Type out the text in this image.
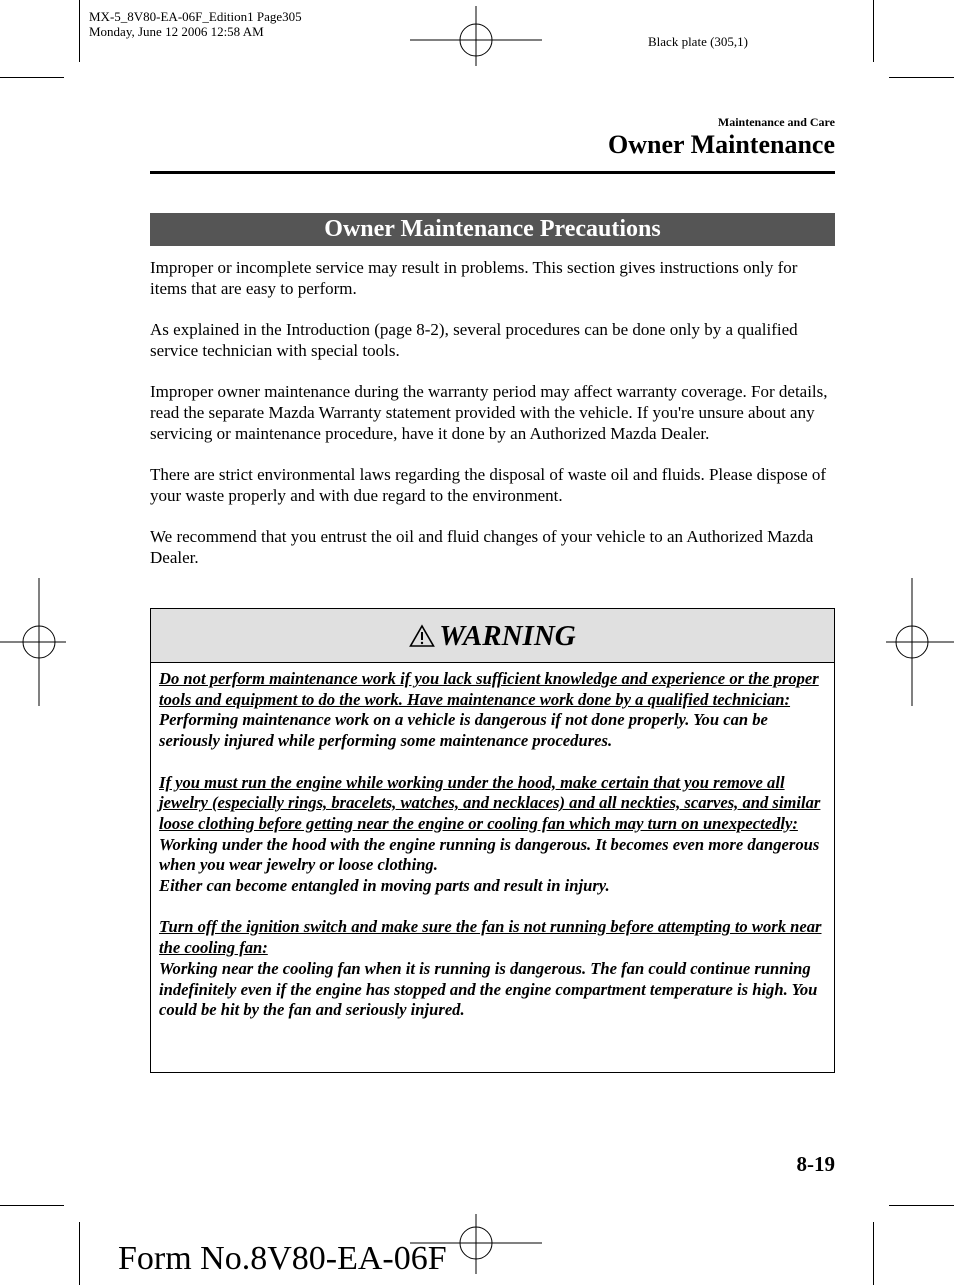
MX-5_8V80-EA-06F_Edition1 Page305
Monday, June 12 2006 12:58 AM
Black plate (305,1)
Maintenance and Care
Owner Maintenance
Owner Maintenance Precautions

Improper or incomplete service may result in problems. This section gives instructions only for items that are easy to perform.

As explained in the Introduction (page 8-2), several procedures can be done only by a qualified service technician with special tools.

Improper owner maintenance during the warranty period may affect warranty coverage. For details, read the separate Mazda Warranty statement provided with the vehicle. If you're unsure about any servicing or maintenance procedure, have it done by an Authorized Mazda Dealer.

There are strict environmental laws regarding the disposal of waste oil and fluids. Please dispose of your waste properly and with due regard to the environment.

We recommend that you entrust the oil and fluid changes of your vehicle to an Authorized Mazda Dealer.

WARNING
Do not perform maintenance work if you lack sufficient knowledge and experience or the proper tools and equipment to do the work. Have maintenance work done by a qualified technician:
Performing maintenance work on a vehicle is dangerous if not done properly. You can be seriously injured while performing some maintenance procedures.
If you must run the engine while working under the hood, make certain that you remove all jewelry (especially rings, bracelets, watches, and necklaces) and all neckties, scarves, and similar loose clothing before getting near the engine or cooling fan which may turn on unexpectedly:
Working under the hood with the engine running is dangerous. It becomes even more dangerous when you wear jewelry or loose clothing.
Either can become entangled in moving parts and result in injury.
Turn off the ignition switch and make sure the fan is not running before attempting to work near the cooling fan:
Working near the cooling fan when it is running is dangerous. The fan could continue running indefinitely even if the engine has stopped and the engine compartment temperature is high. You could be hit by the fan and seriously injured.
8-19
Form No.8V80-EA-06F
